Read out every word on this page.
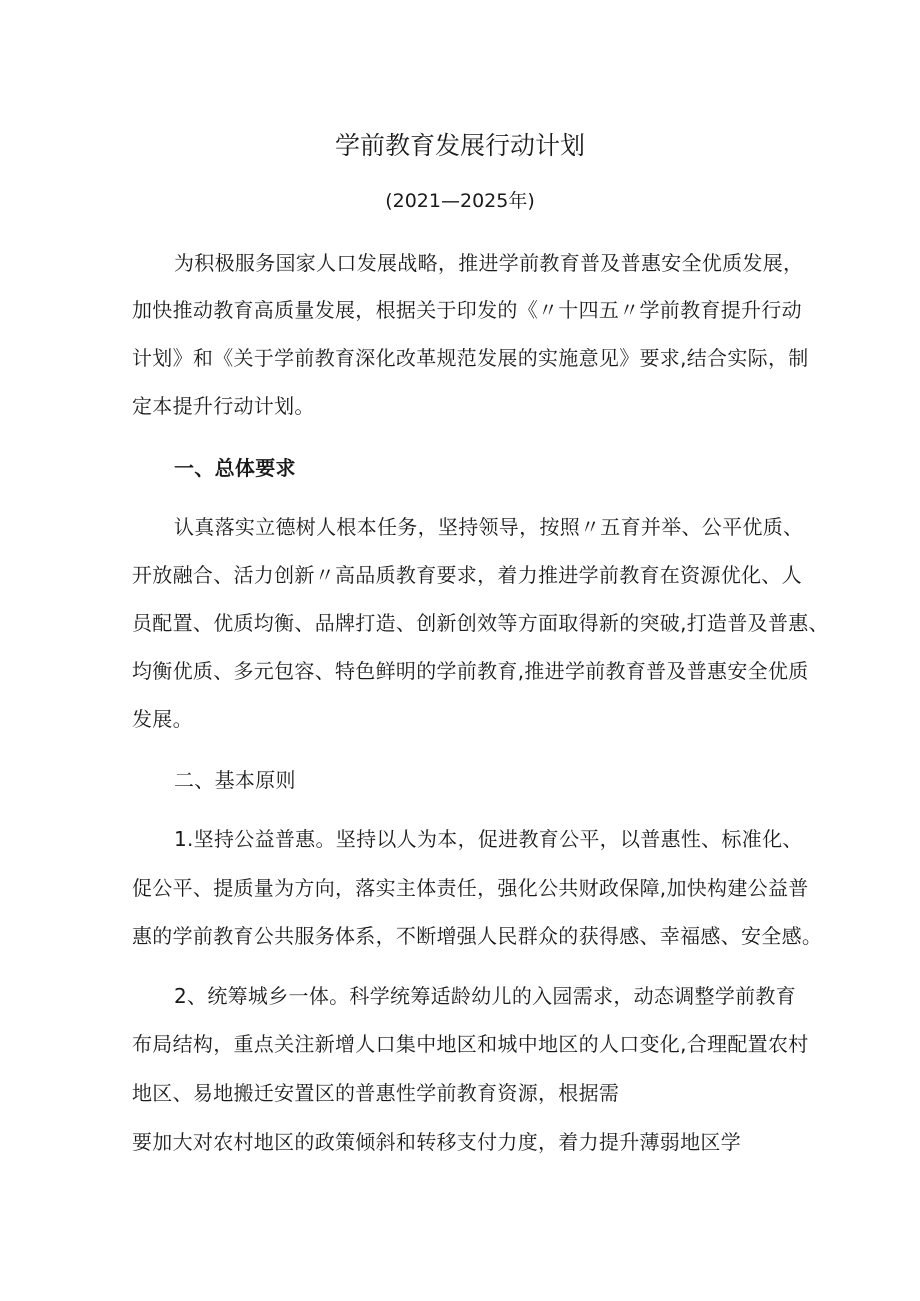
学前教育发展行动计划
(2021—2025年)
为积极服务国家人口发展战略，推进学前教育普及普惠安全优质发展，
加快推动教育高质量发展，根据关于印发的《〃十四五〃学前教育提升行动
计划》和《关于学前教育深化改革规范发展的实施意见》要求,结合实际，制
定本提升行动计划。
一、总体要求
认真落实立德树人根本任务，坚持领导，按照〃五育并举、公平优质、
开放融合、活力创新〃高品质教育要求，着力推进学前教育在资源优化、人
员配置、优质均衡、品牌打造、创新创效等方面取得新的突破,打造普及普惠、
均衡优质、多元包容、特色鲜明的学前教育,推进学前教育普及普惠安全优质
发展。
二、基本原则
1.坚持公益普惠。坚持以人为本，促进教育公平，以普惠性、标准化、
促公平、提质量为方向，落实主体责任，强化公共财政保障,加快构建公益普
惠的学前教育公共服务体系，不断增强人民群众的获得感、幸福感、安全感。
2、统筹城乡一体。科学统筹适龄幼儿的入园需求，动态调整学前教育
布局结构，重点关注新增人口集中地区和城中地区的人口变化,合理配置农村
地区、易地搬迁安置区的普惠性学前教育资源，根据需
要加大对农村地区的政策倾斜和转移支付力度，着力提升薄弱地区学
